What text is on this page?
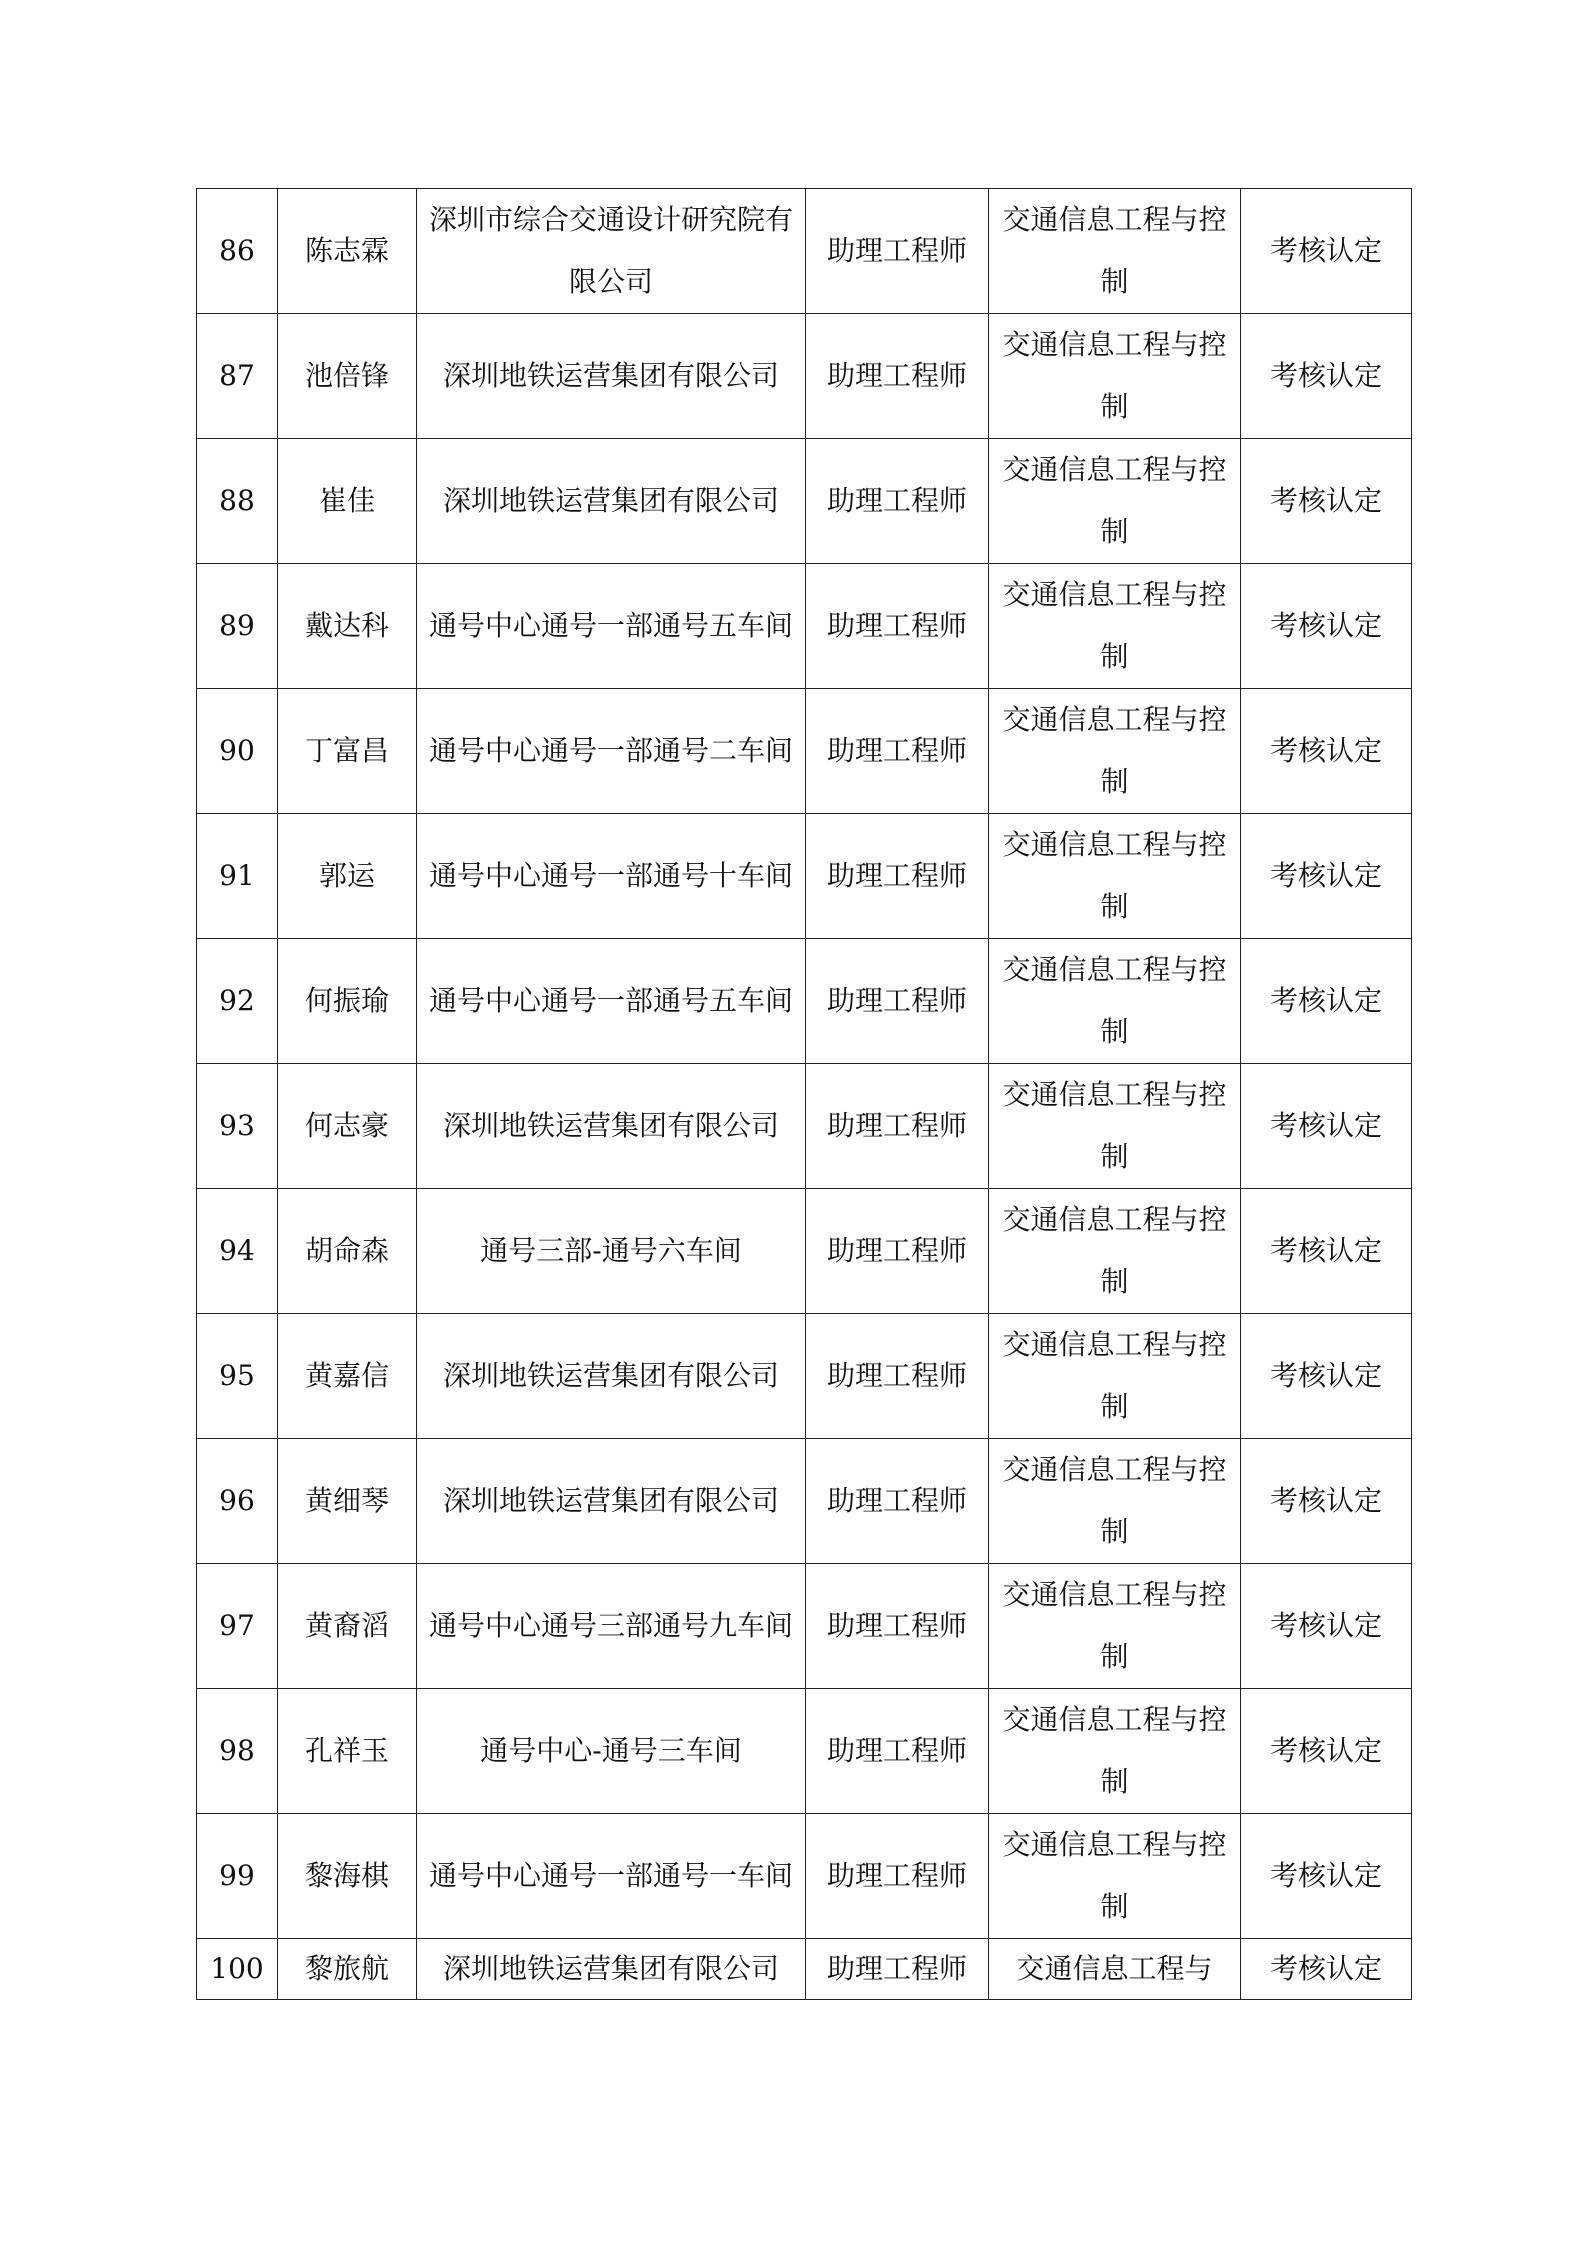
86	陈志霖	深圳市综合交通设计研究院有限公司	助理工程师	交通信息工程与控制	考核认定
87	池倍锋	深圳地铁运营集团有限公司	助理工程师	交通信息工程与控制	考核认定
88	崔佳	深圳地铁运营集团有限公司	助理工程师	交通信息工程与控制	考核认定
89	戴达科	通号中心通号一部通号五车间	助理工程师	交通信息工程与控制	考核认定
90	丁富昌	通号中心通号一部通号二车间	助理工程师	交通信息工程与控制	考核认定
91	郭运	通号中心通号一部通号十车间	助理工程师	交通信息工程与控制	考核认定
92	何振瑜	通号中心通号一部通号五车间	助理工程师	交通信息工程与控制	考核认定
93	何志豪	深圳地铁运营集团有限公司	助理工程师	交通信息工程与控制	考核认定
94	胡命森	通号三部-通号六车间	助理工程师	交通信息工程与控制	考核认定
95	黄嘉信	深圳地铁运营集团有限公司	助理工程师	交通信息工程与控制	考核认定
96	黄细琴	深圳地铁运营集团有限公司	助理工程师	交通信息工程与控制	考核认定
97	黄裔滔	通号中心通号三部通号九车间	助理工程师	交通信息工程与控制	考核认定
98	孔祥玉	通号中心-通号三车间	助理工程师	交通信息工程与控制	考核认定
99	黎海棋	通号中心通号一部通号一车间	助理工程师	交通信息工程与控制	考核认定
100	黎旅航	深圳地铁运营集团有限公司	助理工程师	交通信息工程与	考核认定
